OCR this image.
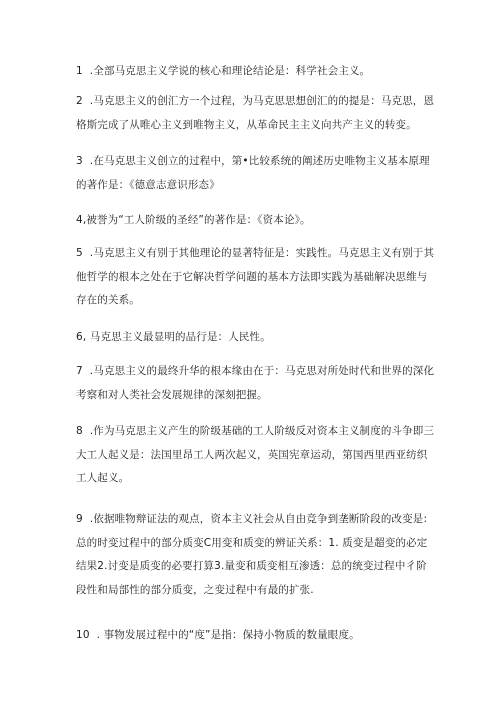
1  .全部马克思主义学说的核心和理论结论是：科学社会主义。

2  .马克思主义的创汇方一个过程，为马克思思想创汇的的提是：马克思，恩格斯完成了从唯心主义到唯物主义，从革命民主主义向共产主义的转变。

3  .在马克思主义创立的过程中，第•比较系统的阐述历史唯物主义基本原理的著作是：《德意志意识形态》

4,被誉为“工人阶级的圣经”的著作是：《资本论》。

5  .马克思主义有别于其他理论的显著特征是：实践性。马克思主义有别于其他哲学的根本之处在于它解决哲学问题的基本方法即实践为基础解决思维与存在的关系。

6, 马克思主义最显明的品行是：人民性。

7  .马克思主义的最终升华的根本缘由在于：马克思对所处时代和世界的深化考察和对人类社会发展规律的深刻把握。

8  .作为马克思主义产生的阶级基础的工人阶级反对资本主义制度的斗争即三大工人起义是：法国里昂工人两次起义，英国宪章运动，第国西里西亚纺织工人起义。

9  .依据唯物辩证法的观点，资本主义社会从自由竞争到垄断阶段的改变是:总的时变过程中的部分质变C用变和质变的辨证关系：1. 质变是超变的必定结果2.讨变是质变的必要打算3.量变和质变相互渗透：总的统变过程中彳阶段性和局部性的部分质变，之变过程中有最的扩张.

10  . 事物发展过程中的“度”是指：保持小物质的数量眼度。
